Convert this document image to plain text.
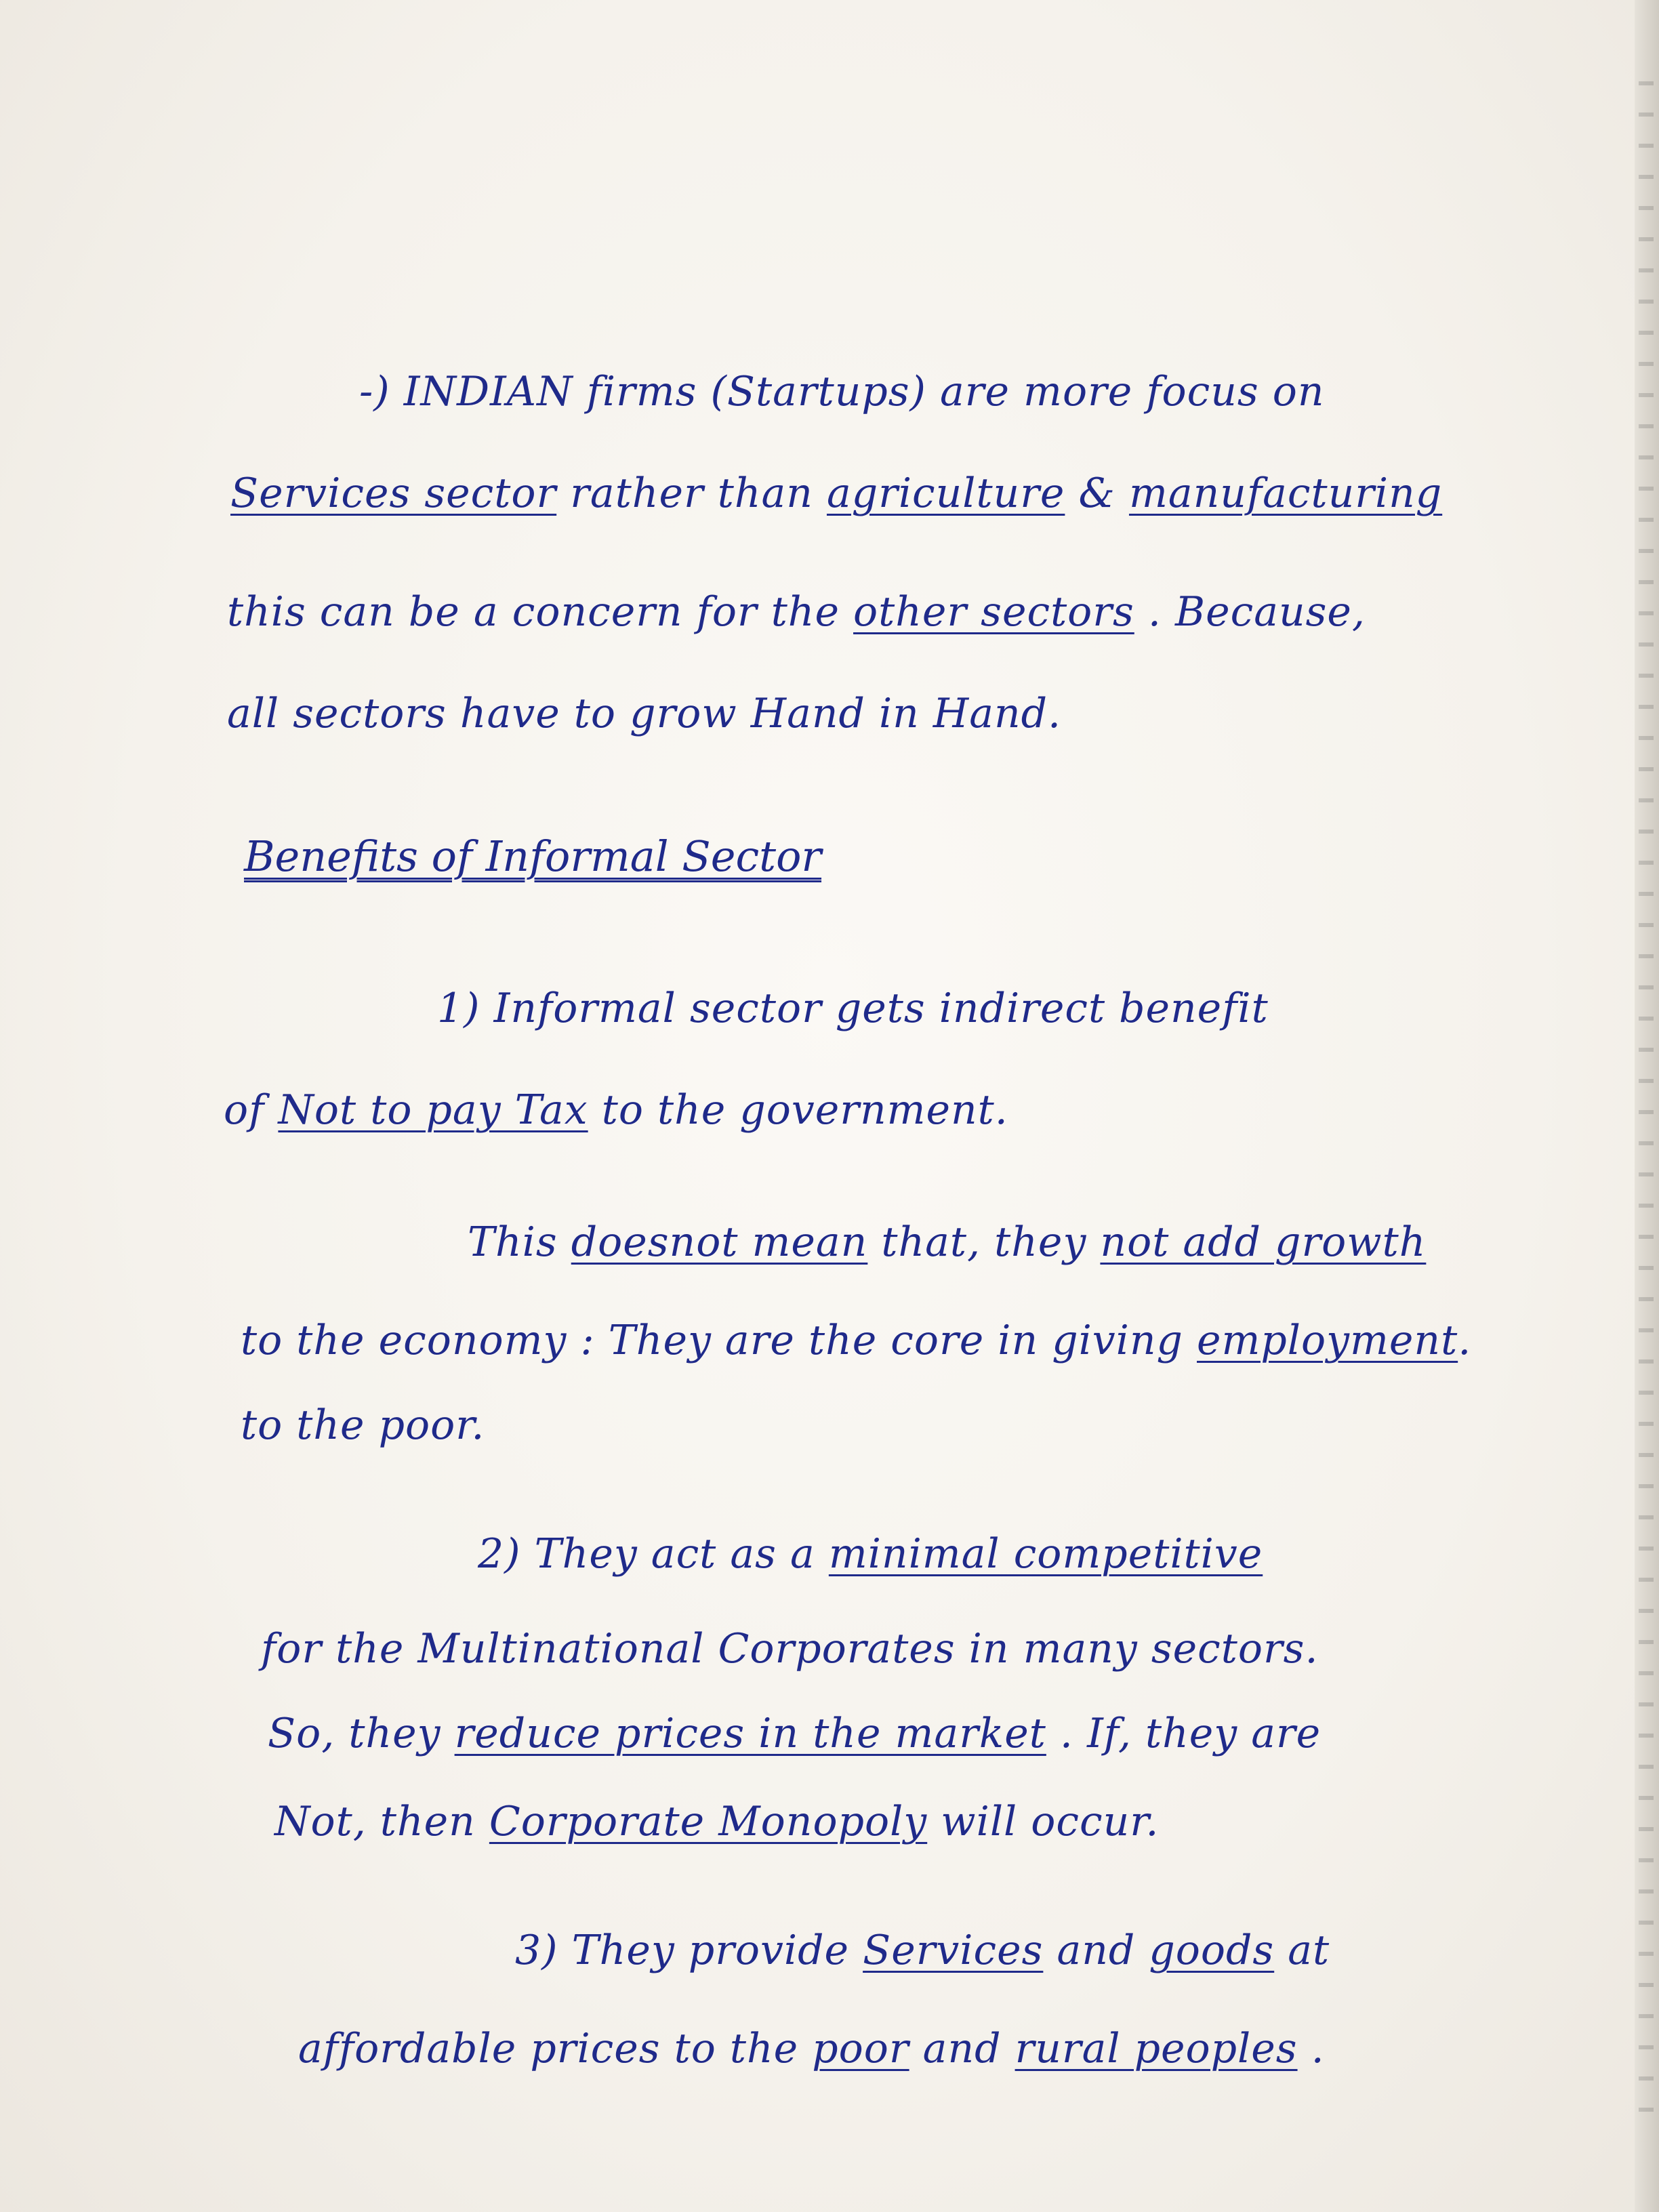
-) INDIAN firms (Startups) are more focus on
Services sector rather than agriculture & manufacturing
this can be a concern for the other sectors . Because,
all sectors have to grow Hand in Hand.
Benefits of Informal Sector
1) Informal sector gets indirect benefit
of Not to pay Tax to the government.
This doesnot mean that, they not add growth
to the economy : They are the core in giving employment.
to the poor.
2) They act as a minimal competitive
for the Multinational Corporates in many sectors.
So, they reduce prices in the market . If, they are
Not, then Corporate Monopoly will occur.
3) They provide Services and goods at
affordable prices to the poor and rural peoples .
